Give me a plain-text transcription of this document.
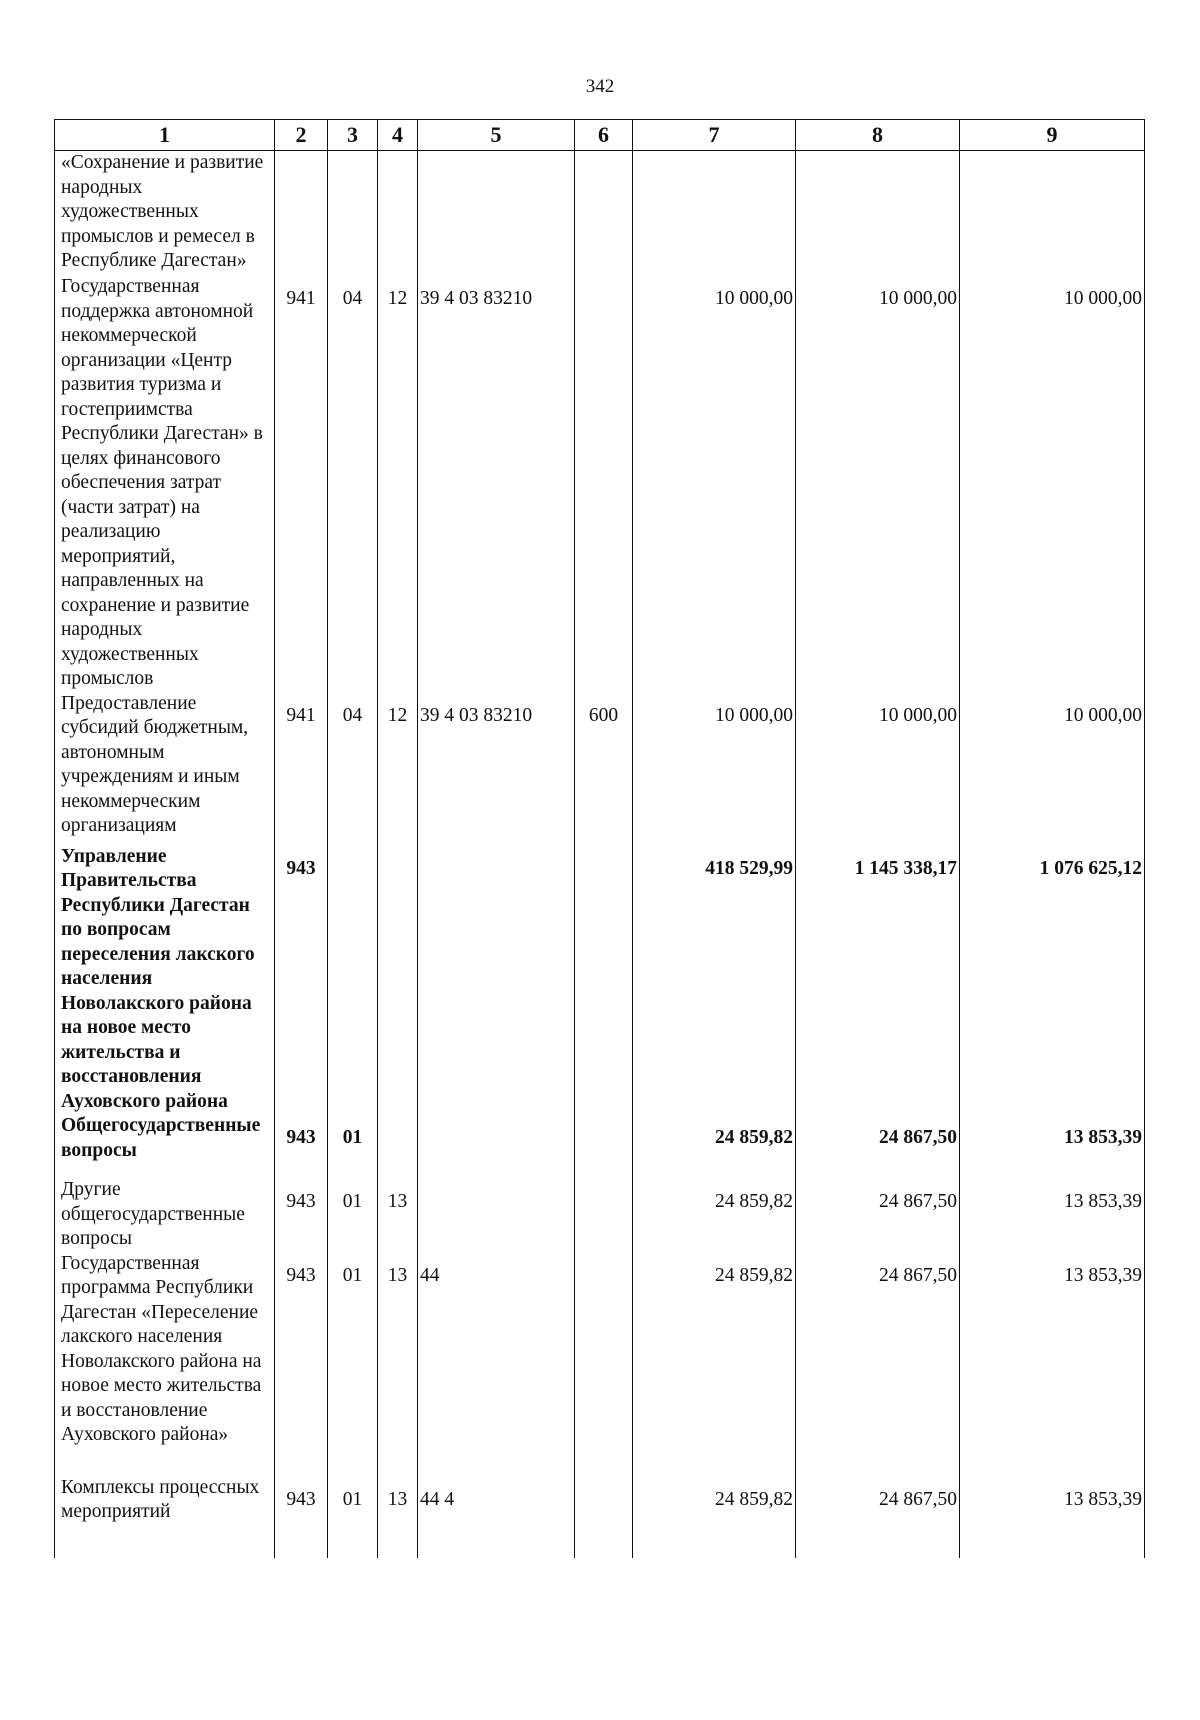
342
1	2	3	4	5	6	7	8	9
«Сохранение и развитие народных художественных промыслов и ремесел в Республике Дагестан»								
Государственная поддержка автономной некоммерческой организации «Центр развития туризма и гостеприимства Республики Дагестан» в целях финансового обеспечения затрат (части затрат) на реализацию мероприятий, направленных на сохранение и развитие народных художественных промыслов	941	04	12	39 4 03 83210		10 000,00	10 000,00	10 000,00
Предоставление субсидий бюджетным, автономным учреждениям и иным некоммерческим организациям	941	04	12	39 4 03 83210	600	10 000,00	10 000,00	10 000,00
Управление Правительства Республики Дагестан по вопросам переселения лакского населения Новолакского района на новое место жительства и восстановления Ауховского района	943					418 529,99	1 145 338,17	1 076 625,12
Общегосударственные вопросы	943	01				24 859,82	24 867,50	13 853,39
Другие общегосударственные вопросы	943	01	13			24 859,82	24 867,50	13 853,39
Государственная программа Республики Дагестан «Переселение лакского населения Новолакского района на новое место жительства и восстановление Ауховского района»	943	01	13	44		24 859,82	24 867,50	13 853,39
Комплексы процессных мероприятий	943	01	13	44 4		24 859,82	24 867,50	13 853,39
